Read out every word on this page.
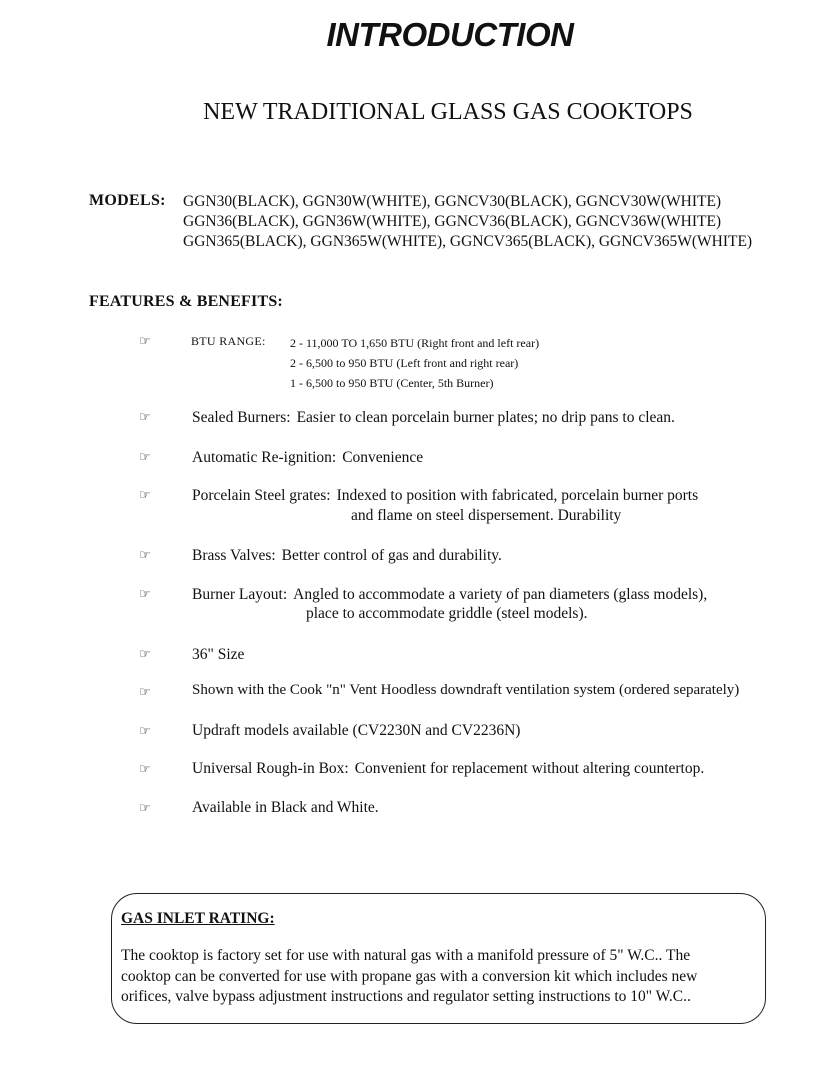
INTRODUCTION
NEW TRADITIONAL GLASS GAS COOKTOPS
MODELS: GGN30(BLACK), GGN30W(WHITE), GGNCV30(BLACK), GGNCV30W(WHITE)
GGN36(BLACK), GGN36W(WHITE), GGNCV36(BLACK), GGNCV36W(WHITE)
GGN365(BLACK), GGN365W(WHITE), GGNCV365(BLACK), GGNCV365W(WHITE)
FEATURES & BENEFITS:
☞	BTU RANGE: 2 - 11,000 TO 1,650 BTU (Right front and left rear)
2 - 6,500 to 950 BTU (Left front and right rear)
1 - 6,500 to 950 BTU (Center, 5th Burner)
☞	Sealed Burners: Easier to clean porcelain burner plates; no drip pans to clean.
☞	Automatic Re-ignition: Convenience
☞	Porcelain Steel grates: Indexed to position with fabricated, porcelain burner ports
and flame on steel dispersement. Durability
☞	Brass Valves: Better control of gas and durability.
☞	Burner Layout: Angled to accommodate a variety of pan diameters (glass models),
place to accommodate griddle (steel models).
☞	36" Size
☞	Shown with the Cook "n" Vent Hoodless downdraft ventilation system (ordered separately)
☞	Updraft models available (CV2230N and CV2236N)
☞	Universal Rough-in Box: Convenient for replacement without altering countertop.
☞	Available in Black and White.
GAS INLET RATING:
The cooktop is factory set for use with natural gas with a manifold pressure of 5" W.C.. The
cooktop can be converted for use with propane gas with a conversion kit which includes new
orifices, valve bypass adjustment instructions and regulator setting instructions to 10" W.C..
